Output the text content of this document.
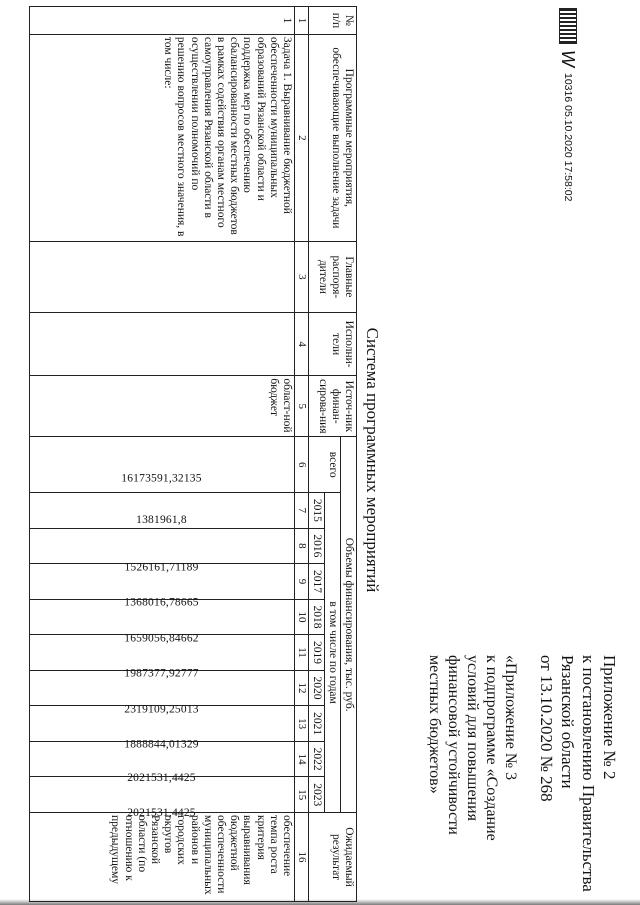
Приложение № 2
к постановлению Правительства
Рязанской области
от 13.10.2020 № 268
«Приложение № 3
к подпрограмме «Создание
условий для повышения
финансовой устойчивости
местных бюджетов»
Система программных мероприятий
W
10316 05.10.2020 17:58:02
№ п/п	Программные мероприятия, обеспечивающие выполнение задачи	Главные распоря-дители	Исполни-тели	Источ-ник финан-сирова-ния	Объемы финансирования, тыс. руб.										Ожидаемый результат
					всего	в том числе по годам									
						2015	2016	2017	2018	2019	2020	2021	2022	2023	
1	2	3	4	5	6	7	8	9	10	11	12	13	14	15	16
1	Задача 1. Выравнивание бюджетной обеспеченности муниципальных образований Рязанской области и поддержка мер по обеспечению сбалансированности местных бюджетов в рамках содействия органам местного самоуправления Рязанской области в осуществлении полномочий по решению вопросов местного значения, в том числе:			област-ной бюджет	16173591,32135	1381961,8	1526161,71189	1368016,78665	1659056,84662	1987377,92777	2319109,25013	1888844,01329	2021531,4425	2021531,4425	обеспечение темпа роста критерия выравнивания бюджетной обеспеченности муниципальных районов и городских округов Рязанской области (по отношению к предыдущему
